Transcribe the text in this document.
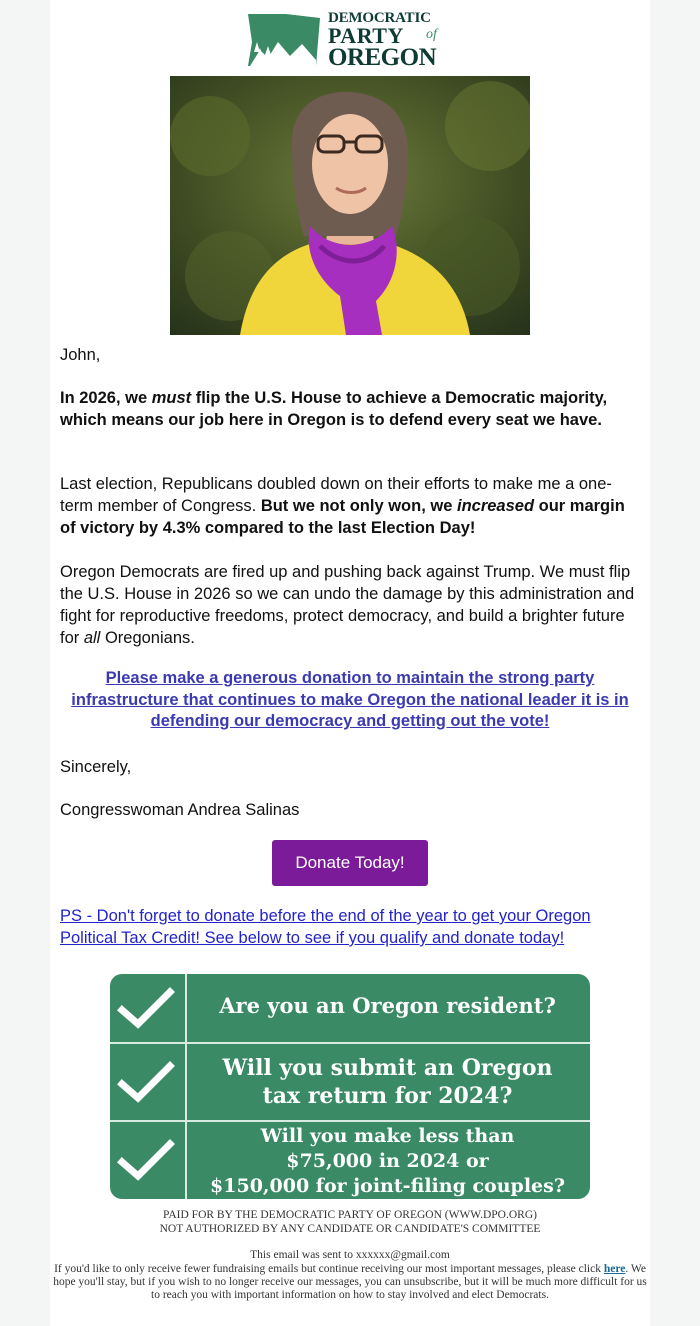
DEMOCRATIC
PARTY of
OREGON
John,
In 2026, we must flip the U.S. House to achieve a Democratic majority, which means our job here in Oregon is to defend every seat we have.
Last election, Republicans doubled down on their efforts to make me a one-term member of Congress. But we not only won, we increased our margin of victory by 4.3% compared to the last Election Day!
Oregon Democrats are fired up and pushing back against Trump. We must flip the U.S. House in 2026 so we can undo the damage by this administration and fight for reproductive freedoms, protect democracy, and build a brighter future for all Oregonians.
Please make a generous donation to maintain the strong party infrastructure that continues to make Oregon the national leader it is in defending our democracy and getting out the vote!
Sincerely,
Congresswoman Andrea Salinas
Donate Today!
PS - Don't forget to donate before the end of the year to get your Oregon Political Tax Credit! See below to see if you qualify and donate today!
Are you an Oregon resident?
Will you submit an Oregon
tax return for 2024?
Will you make less than
$75,000 in 2024 or
$150,000 for joint-filing couples?
PAID FOR BY THE DEMOCRATIC PARTY OF OREGON (WWW.DPO.ORG)
NOT AUTHORIZED BY ANY CANDIDATE OR CANDIDATE'S COMMITTEE
This email was sent to xxxxxx@gmail.com
If you'd like to only receive fewer fundraising emails but continue receiving our most important messages, please click here. We hope you'll stay, but if you wish to no longer receive our messages, you can unsubscribe, but it will be much more difficult for us to reach you with important information on how to stay involved and elect Democrats.
